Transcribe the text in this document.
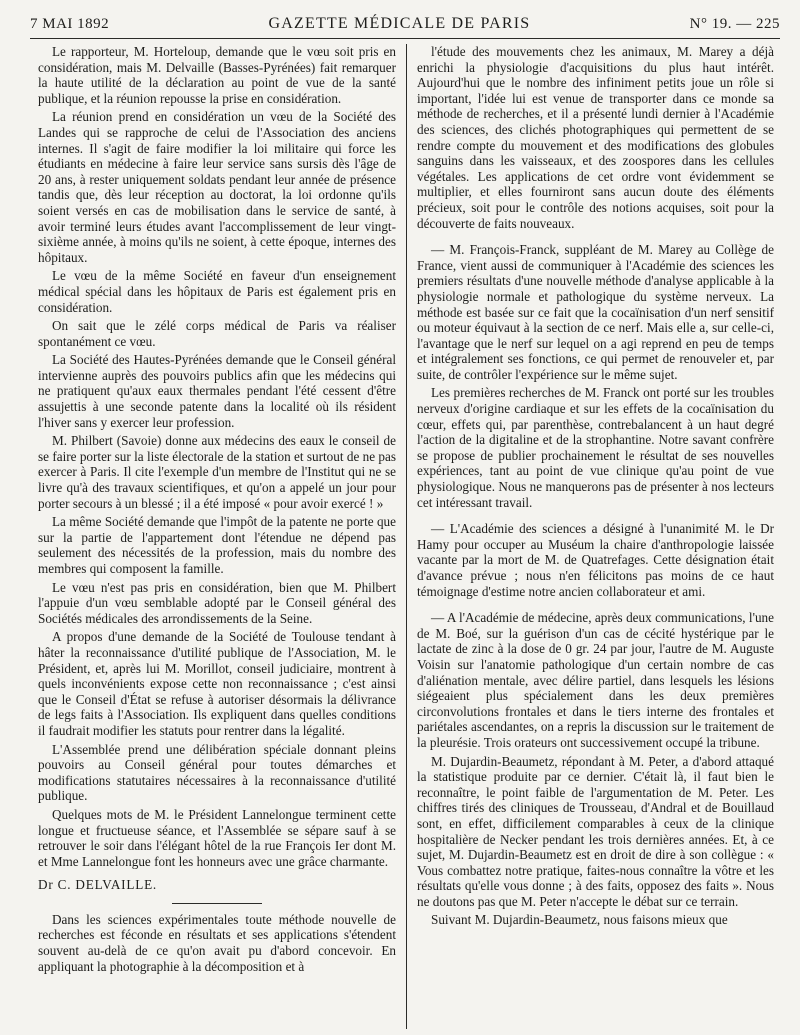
7 MAI 1892	GAZETTE MÉDICALE DE PARIS	N° 19. — 225

Le rapporteur, M. Horteloup, demande que le vœu soit pris en considération, mais M. Delvaille (Basses-Pyrénées) fait remarquer la haute utilité de la déclaration au point de vue de la santé publique, et la réunion repousse la prise en considération.

La réunion prend en considération un vœu de la Société des Landes qui se rapproche de celui de l'Association des anciens internes. Il s'agit de faire modifier la loi militaire qui force les étudiants en médecine à faire leur service sans sursis dès l'âge de 20 ans, à rester uniquement soldats pendant leur année de présence tandis que, dès leur réception au doctorat, la loi ordonne qu'ils soient versés en cas de mobilisation dans le service de santé, à avoir terminé leurs études avant l'accomplissement de leur vingt-sixième année, à moins qu'ils ne soient, à cette époque, internes des hôpitaux.

Le vœu de la même Société en faveur d'un enseignement médical spécial dans les hôpitaux de Paris est également pris en considération.

On sait que le zélé corps médical de Paris va réaliser spontanément ce vœu.

La Société des Hautes-Pyrénées demande que le Conseil général intervienne auprès des pouvoirs publics afin que les médecins qui ne pratiquent qu'aux eaux thermales pendant l'été cessent d'être assujettis à une seconde patente dans la localité où ils résident l'hiver sans y exercer leur profession.

M. Philbert (Savoie) donne aux médecins des eaux le conseil de se faire porter sur la liste électorale de la station et surtout de ne pas exercer à Paris. Il cite l'exemple d'un membre de l'Institut qui ne se livre qu'à des travaux scientifiques, et qu'on a appelé un jour pour porter secours à un blessé ; il a été imposé « pour avoir exercé ! »

La même Société demande que l'impôt de la patente ne porte que sur la partie de l'appartement dont l'étendue ne dépend pas seulement des nécessités de la profession, mais du nombre des membres qui composent la famille.

Le vœu n'est pas pris en considération, bien que M. Philbert l'appuie d'un vœu semblable adopté par le Conseil général des Sociétés médicales des arrondissements de la Seine.

A propos d'une demande de la Société de Toulouse tendant à hâter la reconnaissance d'utilité publique de l'Association, M. le Président, et, après lui M. Morillot, conseil judiciaire, montrent à quels inconvénients expose cette non reconnaissance ; c'est ainsi que le Conseil d'État se refuse à autoriser désormais la délivrance de legs faits à l'Association. Ils expliquent dans quelles conditions il faudrait modifier les statuts pour rentrer dans la légalité.

L'Assemblée prend une délibération spéciale donnant pleins pouvoirs au Conseil général pour toutes démarches et modifications statutaires nécessaires à la reconnaissance d'utilité publique.

Quelques mots de M. le Président Lannelongue terminent cette longue et fructueuse séance, et l'Assemblée se sépare sauf à se retrouver le soir dans l'élégant hôtel de la rue François Ier dont M. et Mme Lannelongue font les honneurs avec une grâce charmante.

Dr C. DELVAILLE.

Dans les sciences expérimentales toute méthode nouvelle de recherches est féconde en résultats et ses applications s'étendent souvent au-delà de ce qu'on avait pu d'abord concevoir. En appliquant la photographie à la décomposition et à

l'étude des mouvements chez les animaux, M. Marey a déjà enrichi la physiologie d'acquisitions du plus haut intérêt. Aujourd'hui que le nombre des infiniment petits joue un rôle si important, l'idée lui est venue de transporter dans ce monde sa méthode de recherches, et il a présenté lundi dernier à l'Académie des sciences, des clichés photographiques qui permettent de se rendre compte du mouvement et des modifications des globules sanguins dans les vaisseaux, et des zoospores dans les cellules végétales. Les applications de cet ordre vont évidemment se multiplier, et elles fourniront sans aucun doute des éléments précieux, soit pour le contrôle des notions acquises, soit pour la découverte de faits nouveaux.

— M. François-Franck, suppléant de M. Marey au Collège de France, vient aussi de communiquer à l'Académie des sciences les premiers résultats d'une nouvelle méthode d'analyse applicable à la physiologie normale et pathologique du système nerveux. La méthode est basée sur ce fait que la cocaïnisation d'un nerf sensitif ou moteur équivaut à la section de ce nerf. Mais elle a, sur celle-ci, l'avantage que le nerf sur lequel on a agi reprend en peu de temps et intégralement ses fonctions, ce qui permet de renouveler et, par suite, de contrôler l'expérience sur le même sujet.

Les premières recherches de M. Franck ont porté sur les troubles nerveux d'origine cardiaque et sur les effets de la cocaïnisation du cœur, effets qui, par parenthèse, contrebalancent à un haut degré l'action de la digitaline et de la strophantine. Notre savant confrère se propose de publier prochainement le résultat de ses nouvelles expériences, tant au point de vue clinique qu'au point de vue physiologique. Nous ne manquerons pas de présenter à nos lecteurs cet intéressant travail.

— L'Académie des sciences a désigné à l'unanimité M. le Dr Hamy pour occuper au Muséum la chaire d'anthropologie laissée vacante par la mort de M. de Quatrefages. Cette désignation était d'avance prévue ; nous n'en félicitons pas moins de ce haut témoignage d'estime notre ancien collaborateur et ami.

— A l'Académie de médecine, après deux communications, l'une de M. Boé, sur la guérison d'un cas de cécité hystérique par le lactate de zinc à la dose de 0 gr. 24 par jour, l'autre de M. Auguste Voisin sur l'anatomie pathologique d'un certain nombre de cas d'aliénation mentale, avec délire partiel, dans lesquels les lésions siégeaient plus spécialement dans les deux premières circonvolutions frontales et dans le tiers interne des frontales et pariétales ascendantes, on a repris la discussion sur le traitement de la pleurésie. Trois orateurs ont successivement occupé la tribune.

M. Dujardin-Beaumetz, répondant à M. Peter, a d'abord attaqué la statistique produite par ce dernier. C'était là, il faut bien le reconnaître, le point faible de l'argumentation de M. Peter. Les chiffres tirés des cliniques de Trousseau, d'Andral et de Bouillaud sont, en effet, difficilement comparables à ceux de la clinique hospitalière de Necker pendant les trois dernières années. Et, à ce sujet, M. Dujardin-Beaumetz est en droit de dire à son collègue : « Vous combattez notre pratique, faites-nous connaître la vôtre et les résultats qu'elle vous donne ; à des faits, opposez des faits ». Nous ne doutons pas que M. Peter n'accepte le débat sur ce terrain.

Suivant M. Dujardin-Beaumetz, nous faisons mieux que
